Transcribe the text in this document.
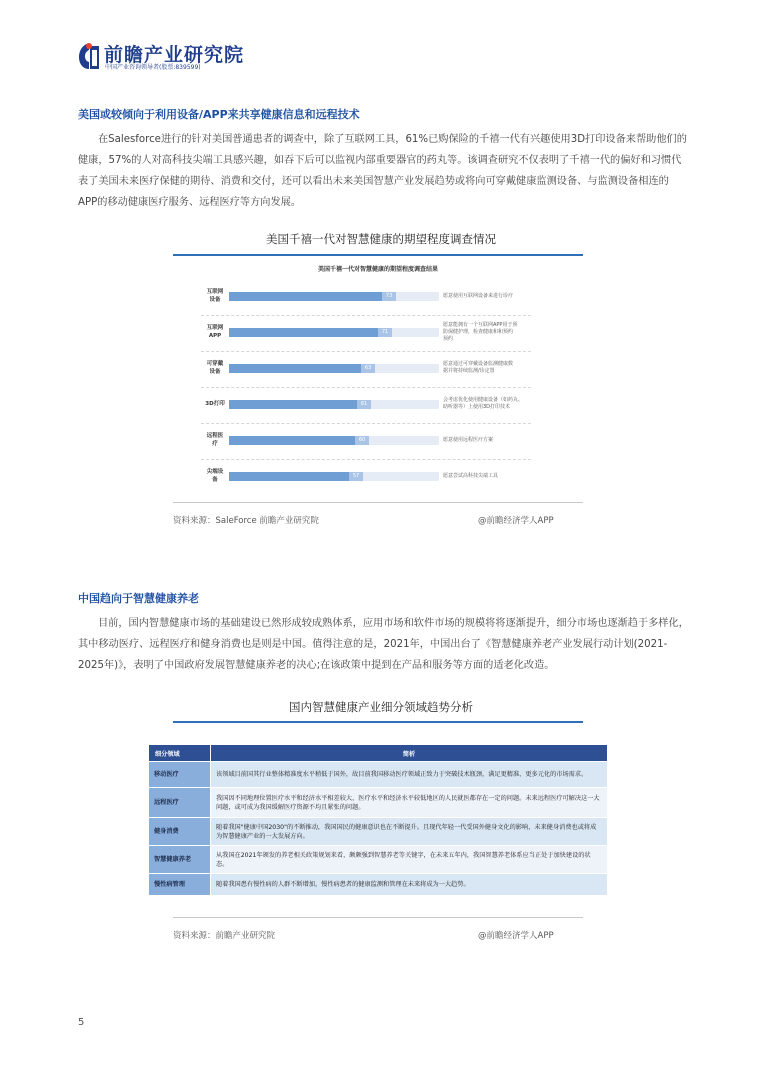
前瞻产业研究院
中国产业咨询领导者(股票:839599)
美国或较倾向于利用设备/APP来共享健康信息和远程技术
在Salesforce进行的针对美国普通患者的调查中，除了互联网工具，61%已购保险的千禧一代有兴趣使用3D打印设备来帮助他们的
健康，57%的人对高科技尖端工具感兴趣，如吞下后可以监视内部重要器官的药丸等。该调查研究不仅表明了千禧一代的偏好和习惯代
表了美国未来医疗保健的期待、消费和交付，还可以看出未来美国智慧产业发展趋势或将向可穿戴健康监测设备、与监测设备相连的
APP的移动健康医疗服务、远程医疗等方向发展。
美国千禧一代对智慧健康的期望程度调查情况
美国千禧一代对智慧健康的期望程度调查结果
互联网
设备
73	愿意使用互联网设备来进行诊疗
互联网
APP
71
愿意能拥有一个互联网APP用于预
防保健护理，检查健康和和预约
预约
可穿戴
设备
63
愿意通过可穿戴设备监测健康数
据并将持续监测/诊定置
3D打印	61
会考虑优化使用健康设备（如药丸、
助听器等）上使用3D打印技术
远程医
疗
60	愿意使用远程医疗方案
尖端设
备
57	愿意尝试高科技尖端工具
资料来源：SaleForce 前瞻产业研究院	@前瞻经济学人APP
中国趋向于智慧健康养老
目前，国内智慧健康市场的基础建设已然形成较成熟体系，应用市场和软件市场的规模将将逐渐提升，细分市场也逐渐趋于多样化，
其中移动医疗、远程医疗和健身消费也是则是中国。值得注意的是，2021年，中国出台了《智慧健康养老产业发展行动计划(2021-
2025年)》，表明了中国政府发展智慧健康养老的决心;在该政策中提到在产品和服务等方面的适老化改造。
国内智慧健康产业细分领域趋势分析
细分领域	简析
移动医疗	该领域目前国其行业整体精准度水平稍低于国外，故目前我国移动医疗领域正致力于突破技术瓶颈，满足更精准、更多元化的市场需求。
远程医疗	我国因不同地理位置医疗水平和经济水平相差较大，医疗水平和经济水平较低地区的人民就医都存在一定的问题。未来远程医疗可解决这一大问题，或可成为我国缓解医疗资源不均且紧张的问题。
健身消费	随着我国"健康中国2030"的不断推动，我国国民的健康意识也在不断提升。且现代年轻一代受国外健身文化的影响，未来健身消费也或将成为智慧健康产业的一大发展方向。
智慧健康养老	从我国在2021年颁发的养老相关政策规划来看，颇颇强到智慧养老等关键字，在未来五年内，我国智慧养老体系应当正处于加快建设的状态。
慢性病管理	随着我国患有慢性病的人群不断增加，慢性病患者的健康监测和管理在未来将成为一大趋势。
资料来源：前瞻产业研究院	@前瞻经济学人APP
5
